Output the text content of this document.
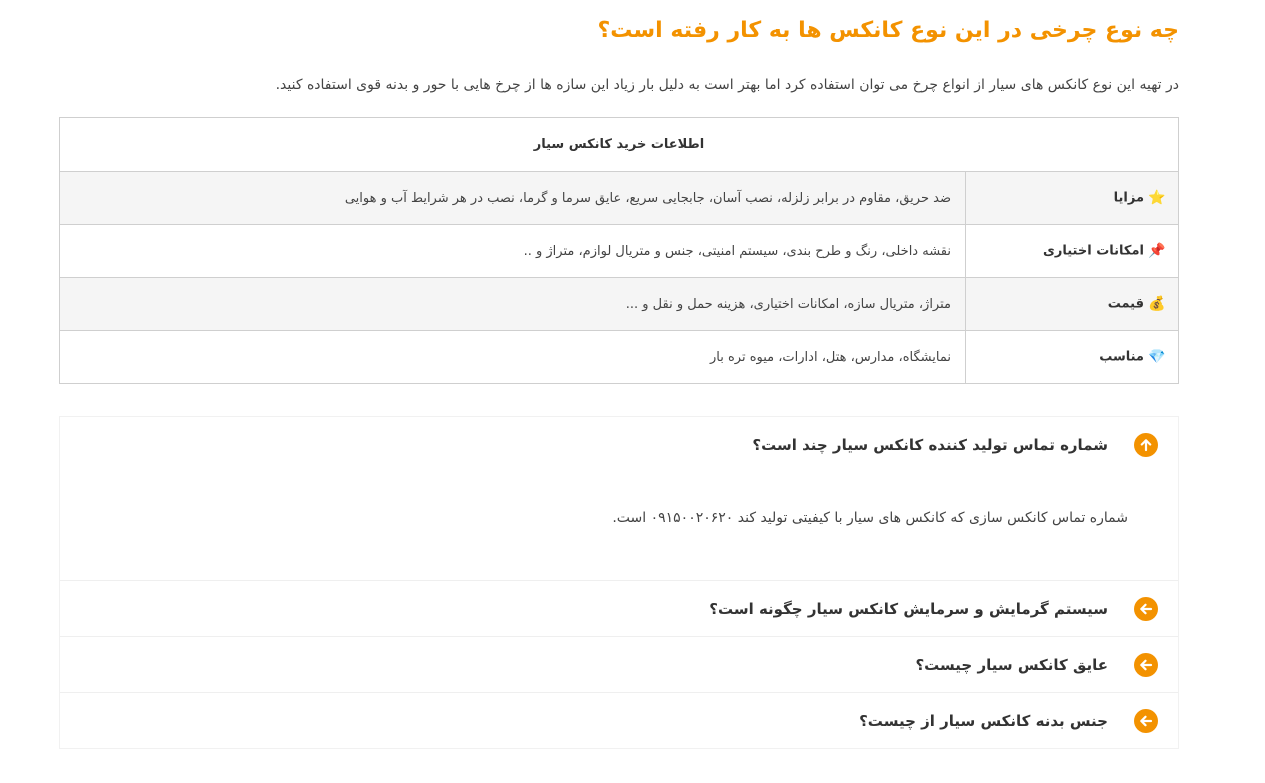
چه نوع چرخی در این نوع کانکس ها به کار رفته است؟

در تهیه این نوع کانکس های سیار از انواع چرخ می توان استفاده کرد اما بهتر است به دلیل بار زیاد این سازه ها از چرخ هایی با حور و بدنه قوی استفاده کنید.

اطلاعات خرید کانکس سیار	
⭐مزایا	ضد حریق، مقاوم در برابر زلزله، نصب آسان، جابجایی سریع، عایق سرما و گرما، نصب در هر شرایط آب و هوایی
📌امکانات اختیاری	نقشه داخلی، رنگ و طرح بندی، سیستم امنیتی، جنس و متریال لوازم، متراژ و ..
💰قیمت	متراژ، متریال سازه، امکانات اختیاری، هزینه حمل و نقل و ...
💎مناسب	نمایشگاه، مدارس، هتل، ادارات، میوه تره بار
شماره تماس تولید کننده کانکس سیار چند است؟
شماره تماس کانکس سازی که کانکس های سیار با کیفیتی تولید کند ۰۹۱۵۰۰۲۰۶۲۰ است.
سیستم گرمایش و سرمایش کانکس سیار چگونه است؟
عایق کانکس سیار چیست؟
جنس بدنه کانکس سیار از چیست؟
